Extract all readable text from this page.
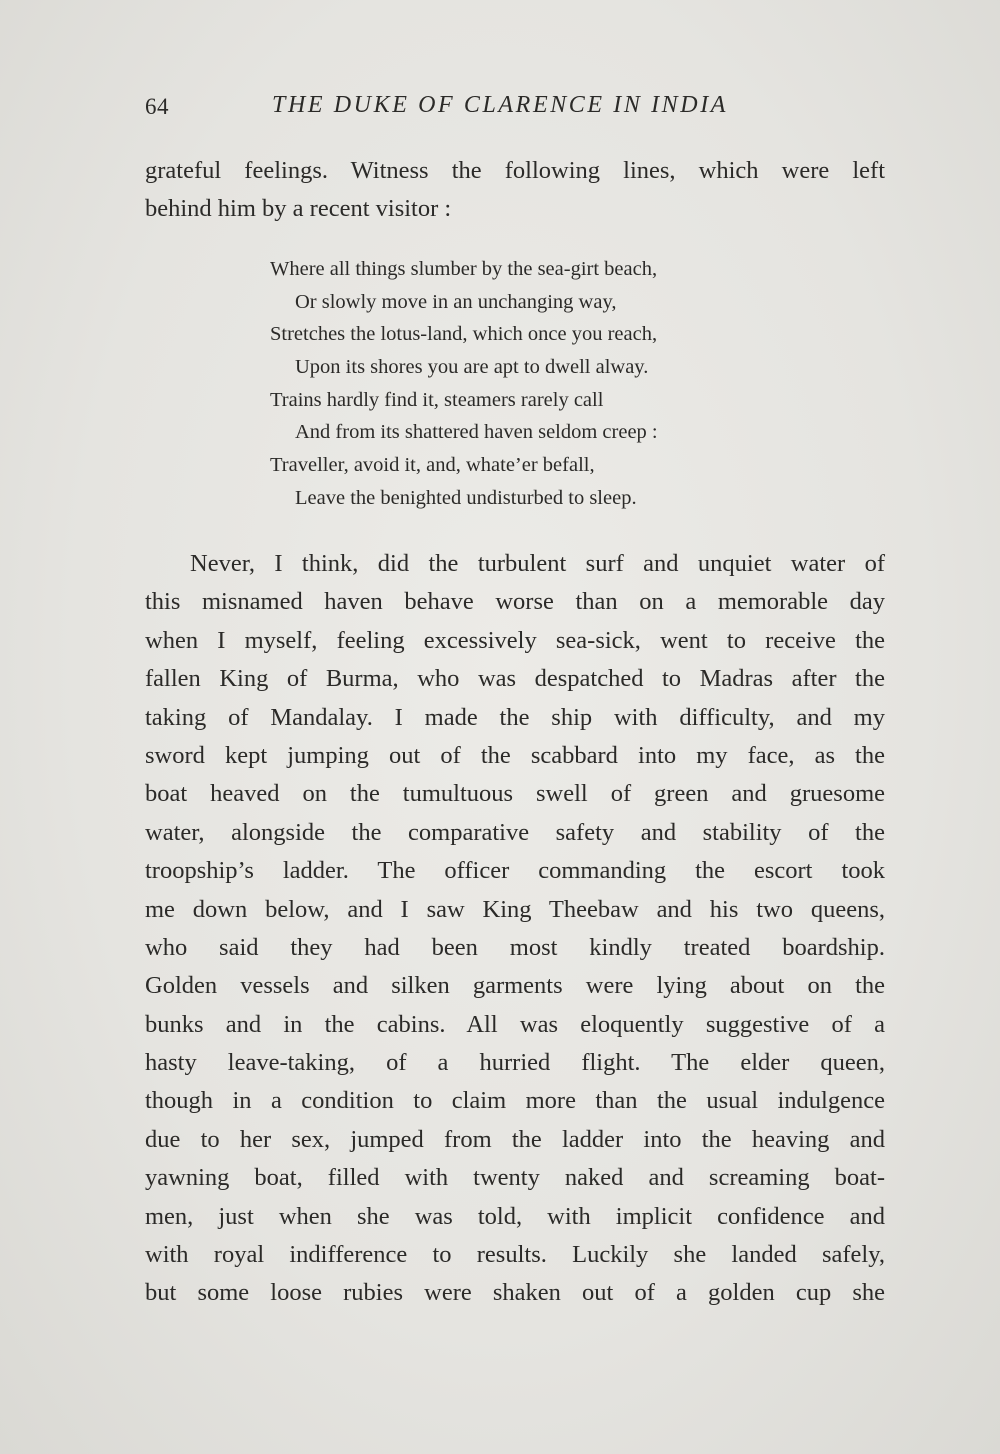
64	THE DUKE OF CLARENCE IN INDIA
grateful feelings. Witness the following lines, which were left
behind him by a recent visitor :
Where all things slumber by the sea-girt beach,
Or slowly move in an unchanging way,
Stretches the lotus-land, which once you reach,
Upon its shores you are apt to dwell alway.
Trains hardly find it, steamers rarely call
And from its shattered haven seldom creep :
Traveller, avoid it, and, whate’er befall,
Leave the benighted undisturbed to sleep.
Never, I think, did the turbulent surf and unquiet water of
this misnamed haven behave worse than on a memorable day
when I myself, feeling excessively sea-sick, went to receive the
fallen King of Burma, who was despatched to Madras after the
taking of Mandalay. I made the ship with difficulty, and my
sword kept jumping out of the scabbard into my face, as the
boat heaved on the tumultuous swell of green and gruesome
water, alongside the comparative safety and stability of the
troopship’s ladder. The officer commanding the escort took
me down below, and I saw King Theebaw and his two queens,
who said they had been most kindly treated boardship.
Golden vessels and silken garments were lying about on the
bunks and in the cabins. All was eloquently suggestive of a
hasty leave-taking, of a hurried flight. The elder queen,
though in a condition to claim more than the usual indulgence
due to her sex, jumped from the ladder into the heaving and
yawning boat, filled with twenty naked and screaming boat-
men, just when she was told, with implicit confidence and
with royal indifference to results. Luckily she landed safely,
but some loose rubies were shaken out of a golden cup she
